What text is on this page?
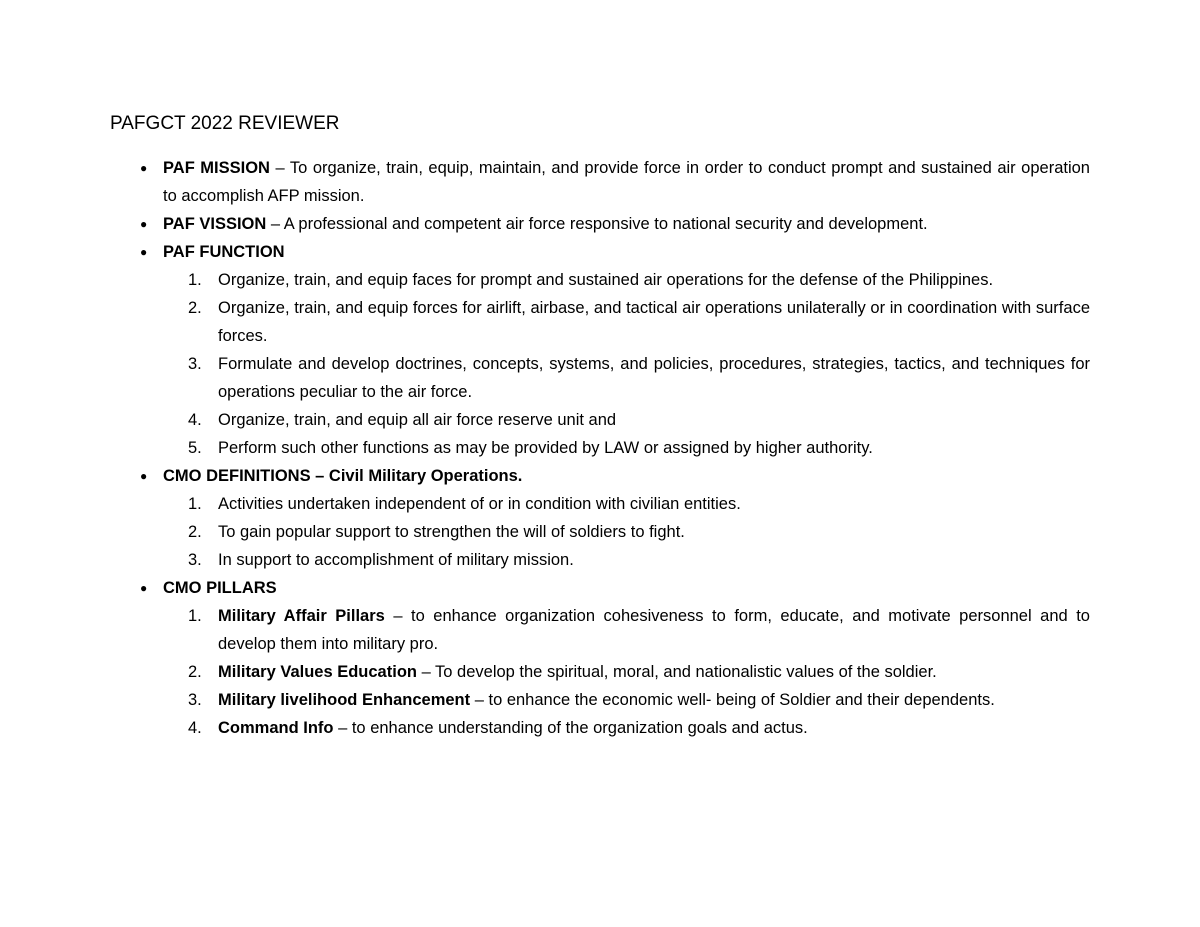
PAFGCT 2022 REVIEWER
● PAF MISSION – To organize, train, equip, maintain, and provide force in order to conduct prompt and sustained air operation to accomplish AFP mission.
● PAF VISSION – A professional and competent air force responsive to national security and development.
● PAF FUNCTION
1. Organize, train, and equip faces for prompt and sustained air operations for the defense of the Philippines.
2. Organize, train, and equip forces for airlift, airbase, and tactical air operations unilaterally or in coordination with surface forces.
3. Formulate and develop doctrines, concepts, systems, and policies, procedures, strategies, tactics, and techniques for operations peculiar to the air force.
4. Organize, train, and equip all air force reserve unit and
5. Perform such other functions as may be provided by LAW or assigned by higher authority.
● CMO DEFINITIONS – Civil Military Operations.
1. Activities undertaken independent of or in condition with civilian entities.
2. To gain popular support to strengthen the will of soldiers to fight.
3. In support to accomplishment of military mission.
● CMO PILLARS
1. Military Affair Pillars – to enhance organization cohesiveness to form, educate, and motivate personnel and to develop them into military pro.
2. Military Values Education – To develop the spiritual, moral, and nationalistic values of the soldier.
3. Military livelihood Enhancement – to enhance the economic well- being of Soldier and their dependents.
4. Command Info – to enhance understanding of the organization goals and actus.
